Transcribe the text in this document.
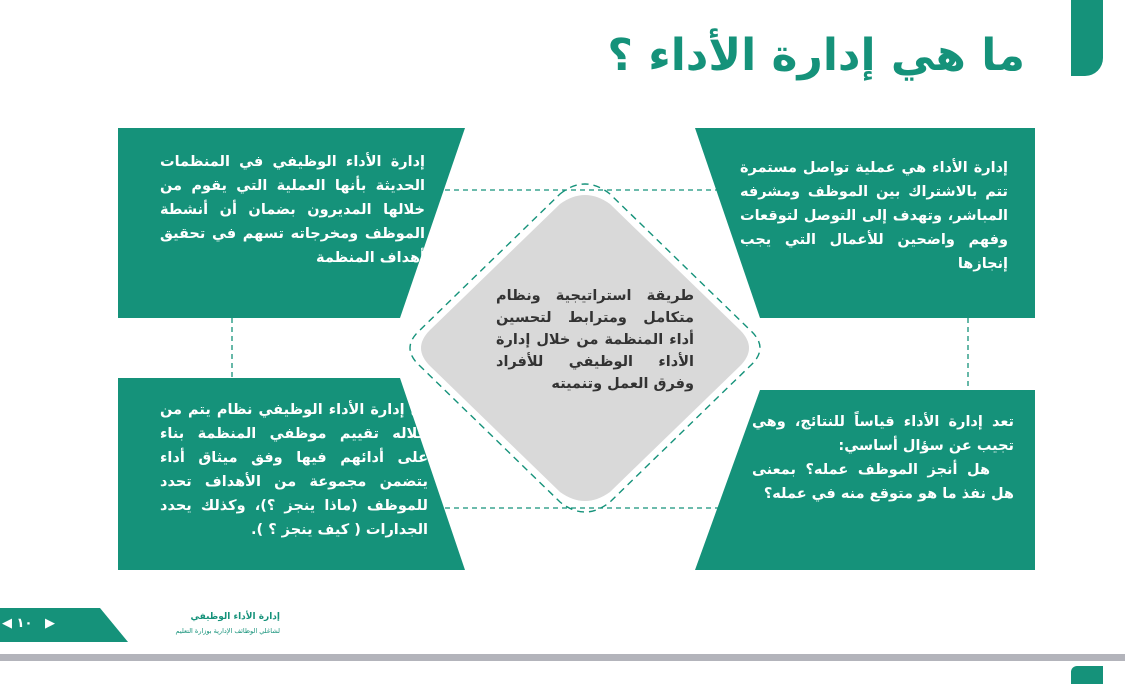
ما هي إدارة الأداء ؟
إدارة الأداء الوظيفي في المنظمات الحديثة بأنها العملية التي يقوم من خلالها المديرون بضمان أن أنشطة الموظف ومخرجاته تسهم في تحقيق أهداف المنظمة
إدارة الأداء هي عملية تواصل مستمرة تتم بالاشتراك بين الموظف ومشرفه المباشر، وتهدف إلى التوصل لتوقعات وفهم واضحين للأعمال التي يجب إنجازها
إن إدارة الأداء الوظيفي نظام يتم من خلاله تقييم موظفي المنظمة بناء على أدائهم فيها وفق ميثاق أداء يتضمن مجموعة من الأهداف تحدد للموظف (ماذا ينجز ؟)، وكذلك يحدد الجدارات ( كيف ينجز ؟ ).

تعد إدارة الأداء قياساً للنتائج، وهي تجيب عن سؤال أساسي:

هل أنجز الموظف عمله؟ بمعنى هل نفذ ما هو متوقع منه في عمله؟

طريقة استراتيجية ونظام متكامل ومترابط لتحسين أداء المنظمة من خلال إدارة الأداء الوظيفي للأفراد وفرق العمل وتنميته
◀ ١٠ ▶	إدارة الأداء الوظيفي
لشاغلي الوظائف الإدارية بوزارة التعليم
